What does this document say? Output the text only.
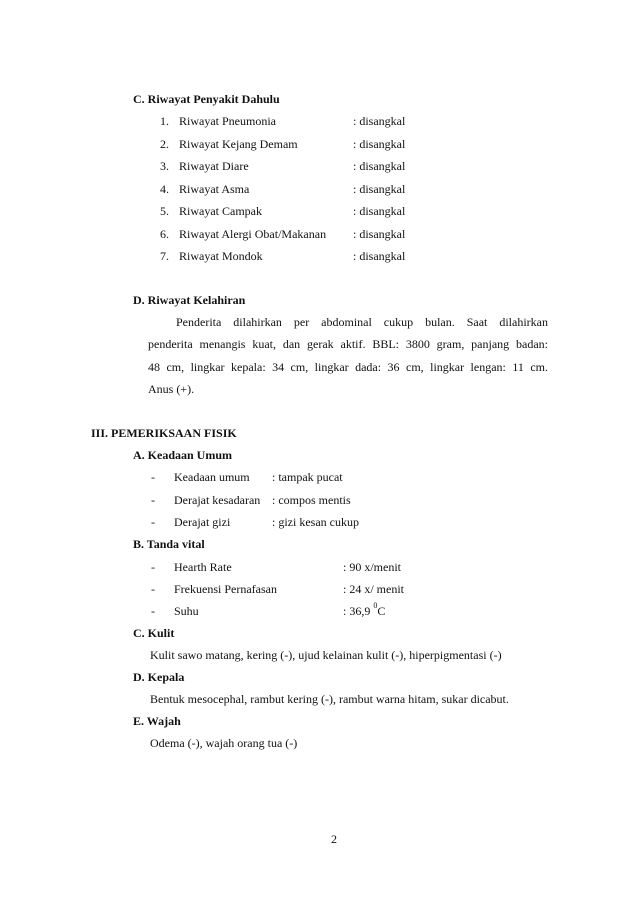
C. Riwayat Penyakit Dahulu
1. Riwayat Pneumonia	: disangkal
2. Riwayat Kejang Demam	: disangkal
3. Riwayat Diare	: disangkal
4. Riwayat Asma	: disangkal
5. Riwayat Campak	: disangkal
6. Riwayat Alergi Obat/Makanan : disangkal
7. Riwayat Mondok	: disangkal
D. Riwayat Kelahiran
Penderita dilahirkan per abdominal cukup bulan. Saat dilahirkan
penderita menangis kuat, dan gerak aktif. BBL: 3800 gram, panjang badan:
48 cm, lingkar kepala: 34 cm, lingkar dada: 36 cm, lingkar lengan: 11 cm.
Anus (+).
III. PEMERIKSAAN FISIK
A. Keadaan Umum
- Keadaan umum : tampak pucat
- Derajat kesadaran : compos mentis
- Derajat gizi	: gizi kesan cukup
B. Tanda vital
- Hearth Rate	: 90 x/menit
- Frekuensi Pernafasan	: 24 x/ menit
- Suhu	: 36,9 $^0$C
C. Kulit
Kulit sawo matang, kering (-), ujud kelainan kulit (-), hiperpigmentasi (-)
D. Kepala
Bentuk mesocephal, rambut kering (-), rambut warna hitam, sukar dicabut.
E. Wajah
Odema (-), wajah orang tua (-)
2
